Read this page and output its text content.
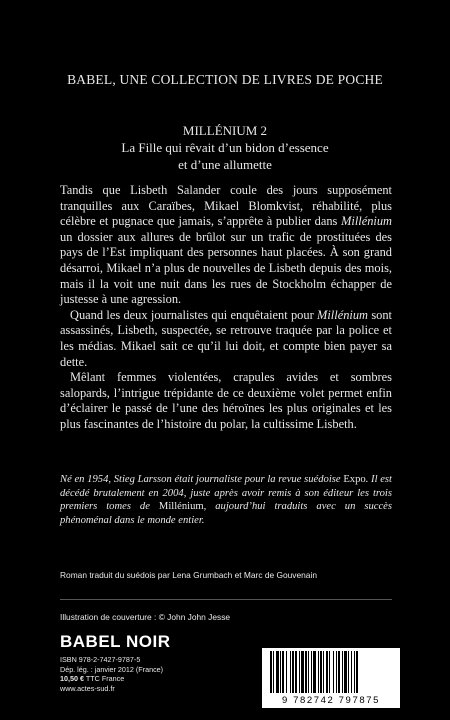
BABEL, UNE COLLECTION DE LIVRES DE POCHE
MILLÉNIUM 2
La Fille qui rêvait d’un bidon d’essence
et d’une allumette

Tandis que Lisbeth Salander coule des jours supposément tranquilles aux Caraïbes, Mikael Blomkvist, réhabilité, plus célèbre et pugnace que jamais, s’apprête à publier dans Millénium un dossier aux allures de brûlot sur un trafic de prostituées des pays de l’Est impliquant des personnes haut placées. À son grand désarroi, Mikael n’a plus de nouvelles de Lisbeth depuis des mois, mais il la voit une nuit dans les rues de Stockholm échapper de justesse à une agression.

Quand les deux journalistes qui enquêtaient pour Millénium sont assassinés, Lisbeth, suspectée, se retrouve traquée par la police et les médias. Mikael sait ce qu’il lui doit, et compte bien payer sa dette.

Mêlant femmes violentées, crapules avides et sombres salopards, l’intrigue trépidante de ce deuxième volet permet enfin d’éclairer le passé de l’une des héroïnes les plus originales et les plus fascinantes de l’histoire du polar, la cultissime Lisbeth.

Né en 1954, Stieg Larsson était journaliste pour la revue suédoise Expo. Il est décédé brutalement en 2004, juste après avoir remis à son éditeur les trois premiers tomes de Millénium, aujourd’hui traduits avec un succès phénoménal dans le monde entier.
Roman traduit du suédois par Lena Grumbach et Marc de Gouvenain
Illustration de couverture : © John John Jesse
BABEL NOIR
ISBN 978-2-7427-9787-5
Dép. lég. : janvier 2012 (France)
10,50 € TTC France
www.actes-sud.fr
9 782742 797875
